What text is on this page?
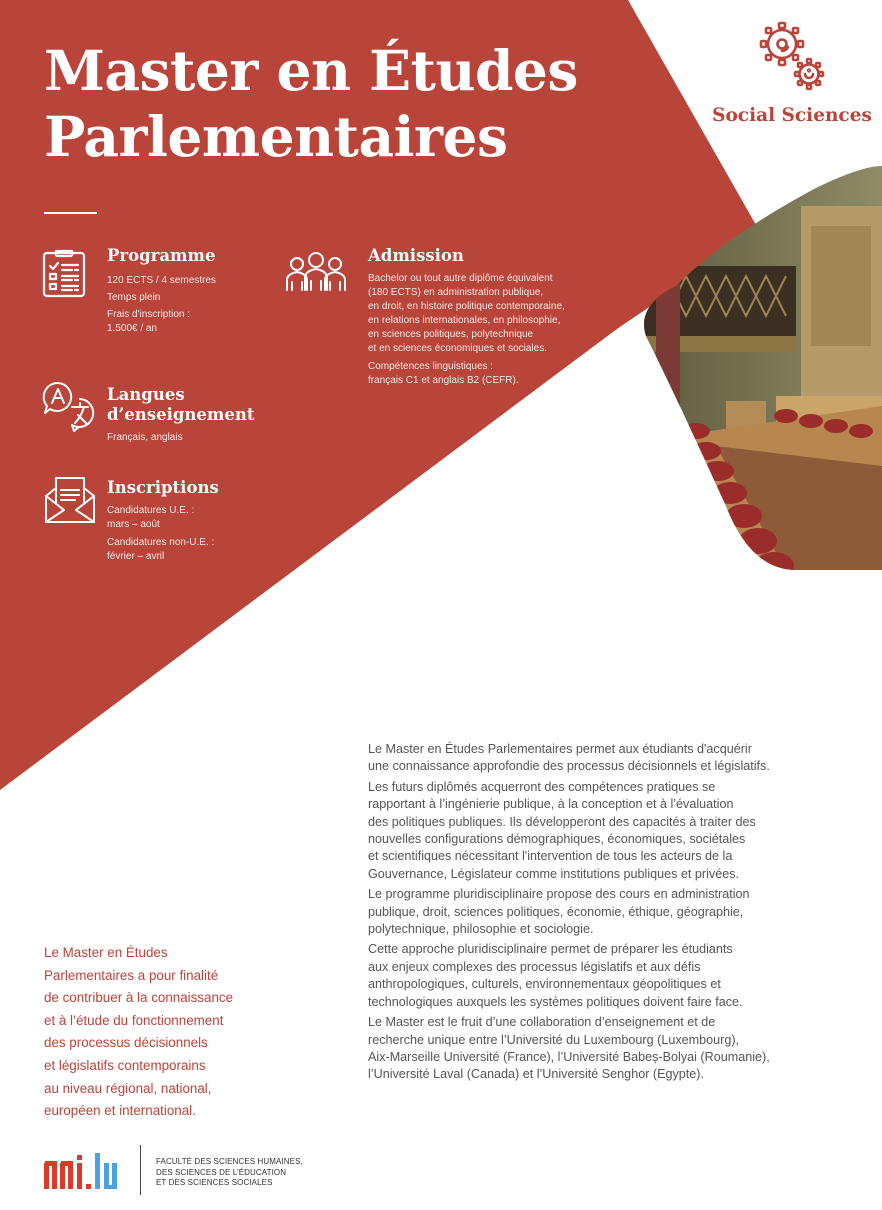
Master en Études
Parlementaires	Social Sciences
Programme
120 ECTS / 4 semestres
Temps plein
Frais d'inscription :
1.500€ / an
Admission

Bachelor ou tout autre diplôme équivalent
(180 ECTS) en administration publique,
en droit, en histoire politique contemporaine,
en relations internationales, en philosophie,
en sciences politiques, polytechnique
et en sciences économiques et sociales.

Compétences linguistiques :
français C1 et anglais B2 (CEFR).

Langues d’enseignement
Français, anglais
Inscriptions

Candidatures U.E. :
mars – août

Candidatures non-U.E. :
février – avril

Le Master en Études Parlementaires permet aux étudiants d'acquérir
une connaissance approfondie des processus décisionnels et législatifs.

Les futurs diplômés acquerront des compétences pratiques se
rapportant à l’ingénierie publique, à la conception et à l’évaluation
des politiques publiques. Ils développeront des capacités à traiter des
nouvelles configurations démographiques, économiques, sociétales
et scientifiques nécessitant l'intervention de tous les acteurs de la
Gouvernance, Législateur comme institutions publiques et privées.

Le programme pluridisciplinaire propose des cours en administration
publique, droit, sciences politiques, économie, éthique, géographie,
polytechnique, philosophie et sociologie.

Cette approche pluridisciplinaire permet de préparer les étudiants
aux enjeux complexes des processus législatifs et aux défis
anthropologiques, culturels, environnementaux géopolitiques et
technologiques auxquels les systèmes politiques doivent faire face.

Le Master est le fruit d’une collaboration d’enseignement et de
recherche unique entre l’Université du Luxembourg (Luxembourg),
Aix-Marseille Université (France), l’Université Babeș-Bolyai (Roumanie),
l’Université Laval (Canada) et l’Université Senghor (Egypte).

Le Master en Études
Parlementaires a pour finalité
de contribuer à la connaissance
et à l’étude du fonctionnement
des processus décisionnels
et législatifs contemporains
au niveau régional, national,
européen et international.
FACULTÉ DES SCIENCES HUMAINES,
DES SCIENCES DE L’ÉDUCATION
ET DES SCIENCES SOCIALES
